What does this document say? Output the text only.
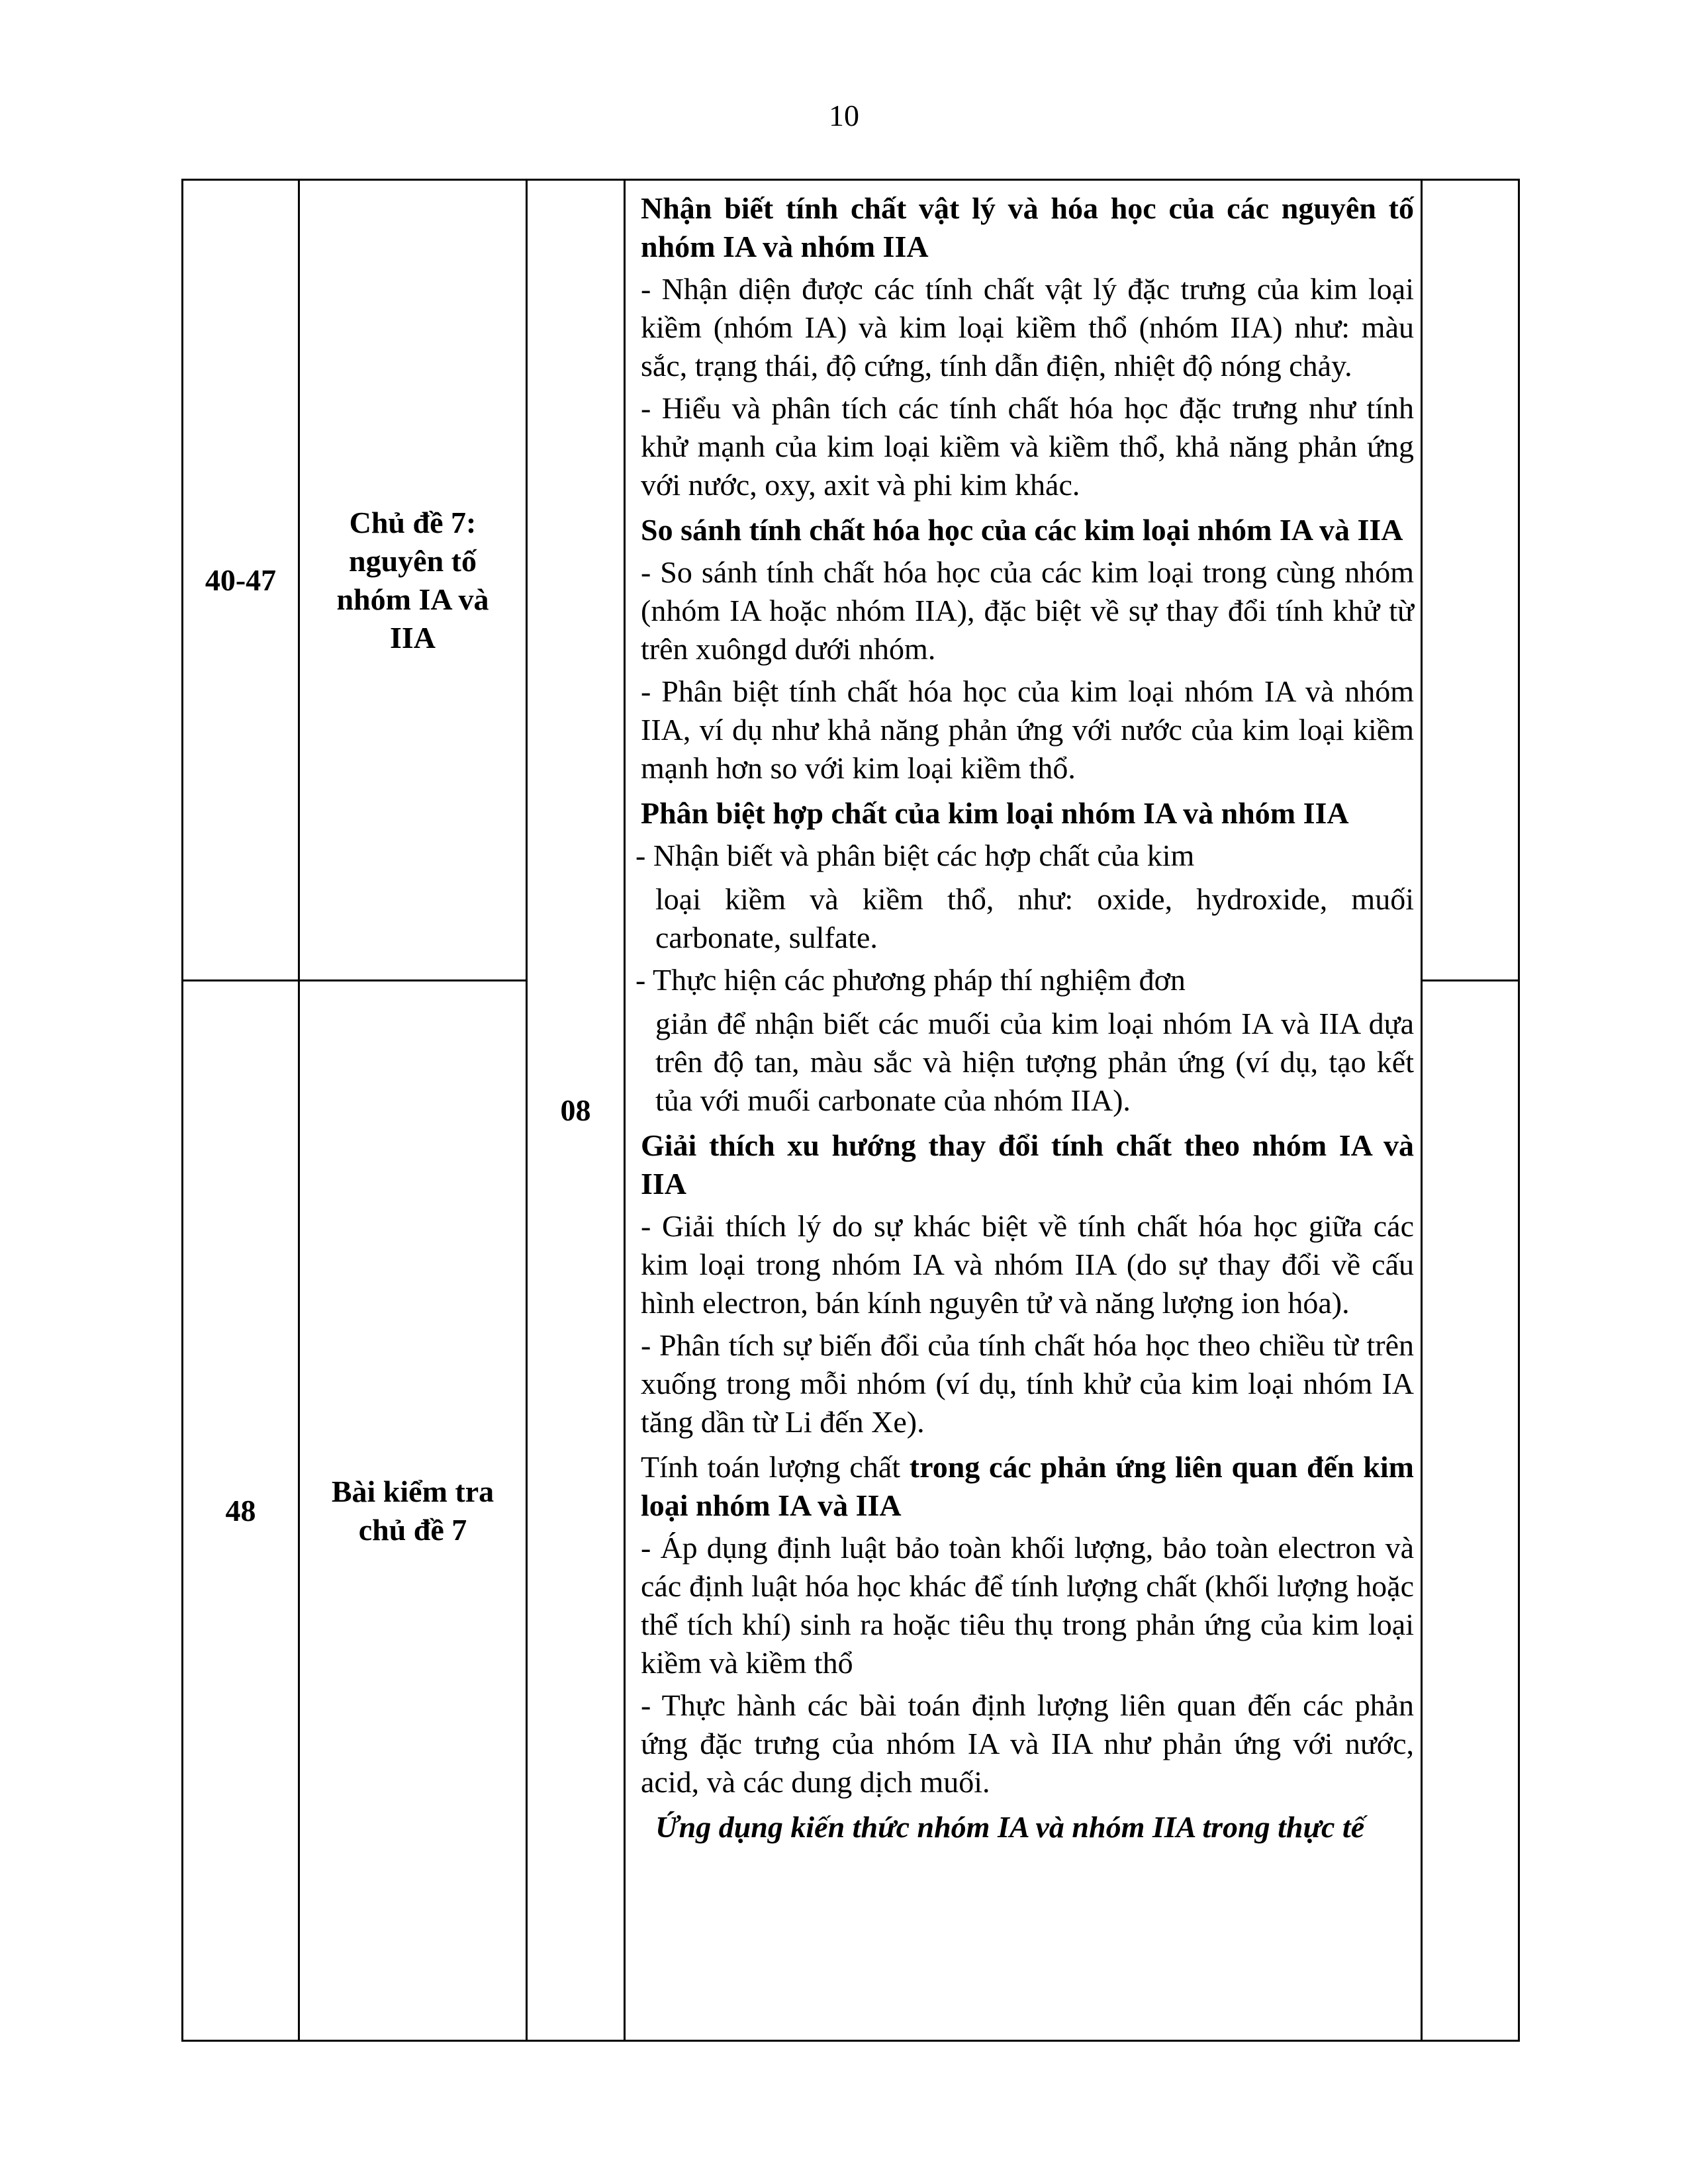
10
40-47
Chủ đề 7:
nguyên tố
nhóm IA và
IIA
48
Bài kiểm tra
chủ đề 7
08
Nhận biết tính chất vật lý và hóa học của các nguyên tố nhóm IA và nhóm IIA
- Nhận diện được các tính chất vật lý đặc trưng của kim loại kiềm (nhóm IA) và kim loại kiềm thổ (nhóm IIA) như: màu sắc, trạng thái, độ cứng, tính dẫn điện, nhiệt độ nóng chảy.
- Hiểu và phân tích các tính chất hóa học đặc trưng như tính khử mạnh của kim loại kiềm và kiềm thổ, khả năng phản ứng với nước, oxy, axit và phi kim khác.
So sánh tính chất hóa học của các kim loại nhóm IA và IIA
- So sánh tính chất hóa học của các kim loại trong cùng nhóm (nhóm IA hoặc nhóm IIA), đặc biệt về sự thay đổi tính khử từ trên xuôngd dưới nhóm.
- Phân biệt tính chất hóa học của kim loại nhóm IA và nhóm IIA, ví dụ như khả năng phản ứng với nước của kim loại kiềm mạnh hơn so với kim loại kiềm thổ.
Phân biệt hợp chất của kim loại nhóm IA và nhóm IIA
- Nhận biết và phân biệt các hợp chất của kim
loại kiềm và kiềm thổ, như: oxide, hydroxide, muối carbonate, sulfate.
- Thực hiện các phương pháp thí nghiệm đơn
giản để nhận biết các muối của kim loại nhóm IA và IIA dựa trên độ tan, màu sắc và hiện tượng phản ứng (ví dụ, tạo kết tủa với muối carbonate của nhóm IIA).
Giải thích xu hướng thay đổi tính chất theo nhóm IA và IIA
- Giải thích lý do sự khác biệt về tính chất hóa học giữa các kim loại trong nhóm IA và nhóm IIA (do sự thay đổi về cấu hình electron, bán kính nguyên tử và năng lượng ion hóa).
- Phân tích sự biến đổi của tính chất hóa học theo chiều từ trên xuống trong mỗi nhóm (ví dụ, tính khử của kim loại nhóm IA tăng dần từ Li đến Xe).
Tính toán lượng chất trong các phản ứng liên quan đến kim loại nhóm IA và IIA
- Áp dụng định luật bảo toàn khối lượng, bảo toàn electron và các định luật hóa học khác để tính lượng chất (khối lượng hoặc thể tích khí) sinh ra hoặc tiêu thụ trong phản ứng của kim loại kiềm và kiềm thổ
- Thực hành các bài toán định lượng liên quan đến các phản ứng đặc trưng của nhóm IA và IIA như phản ứng với nước, acid, và các dung dịch muối.
Ứng dụng kiến thức nhóm IA và nhóm IIA trong thực tế
